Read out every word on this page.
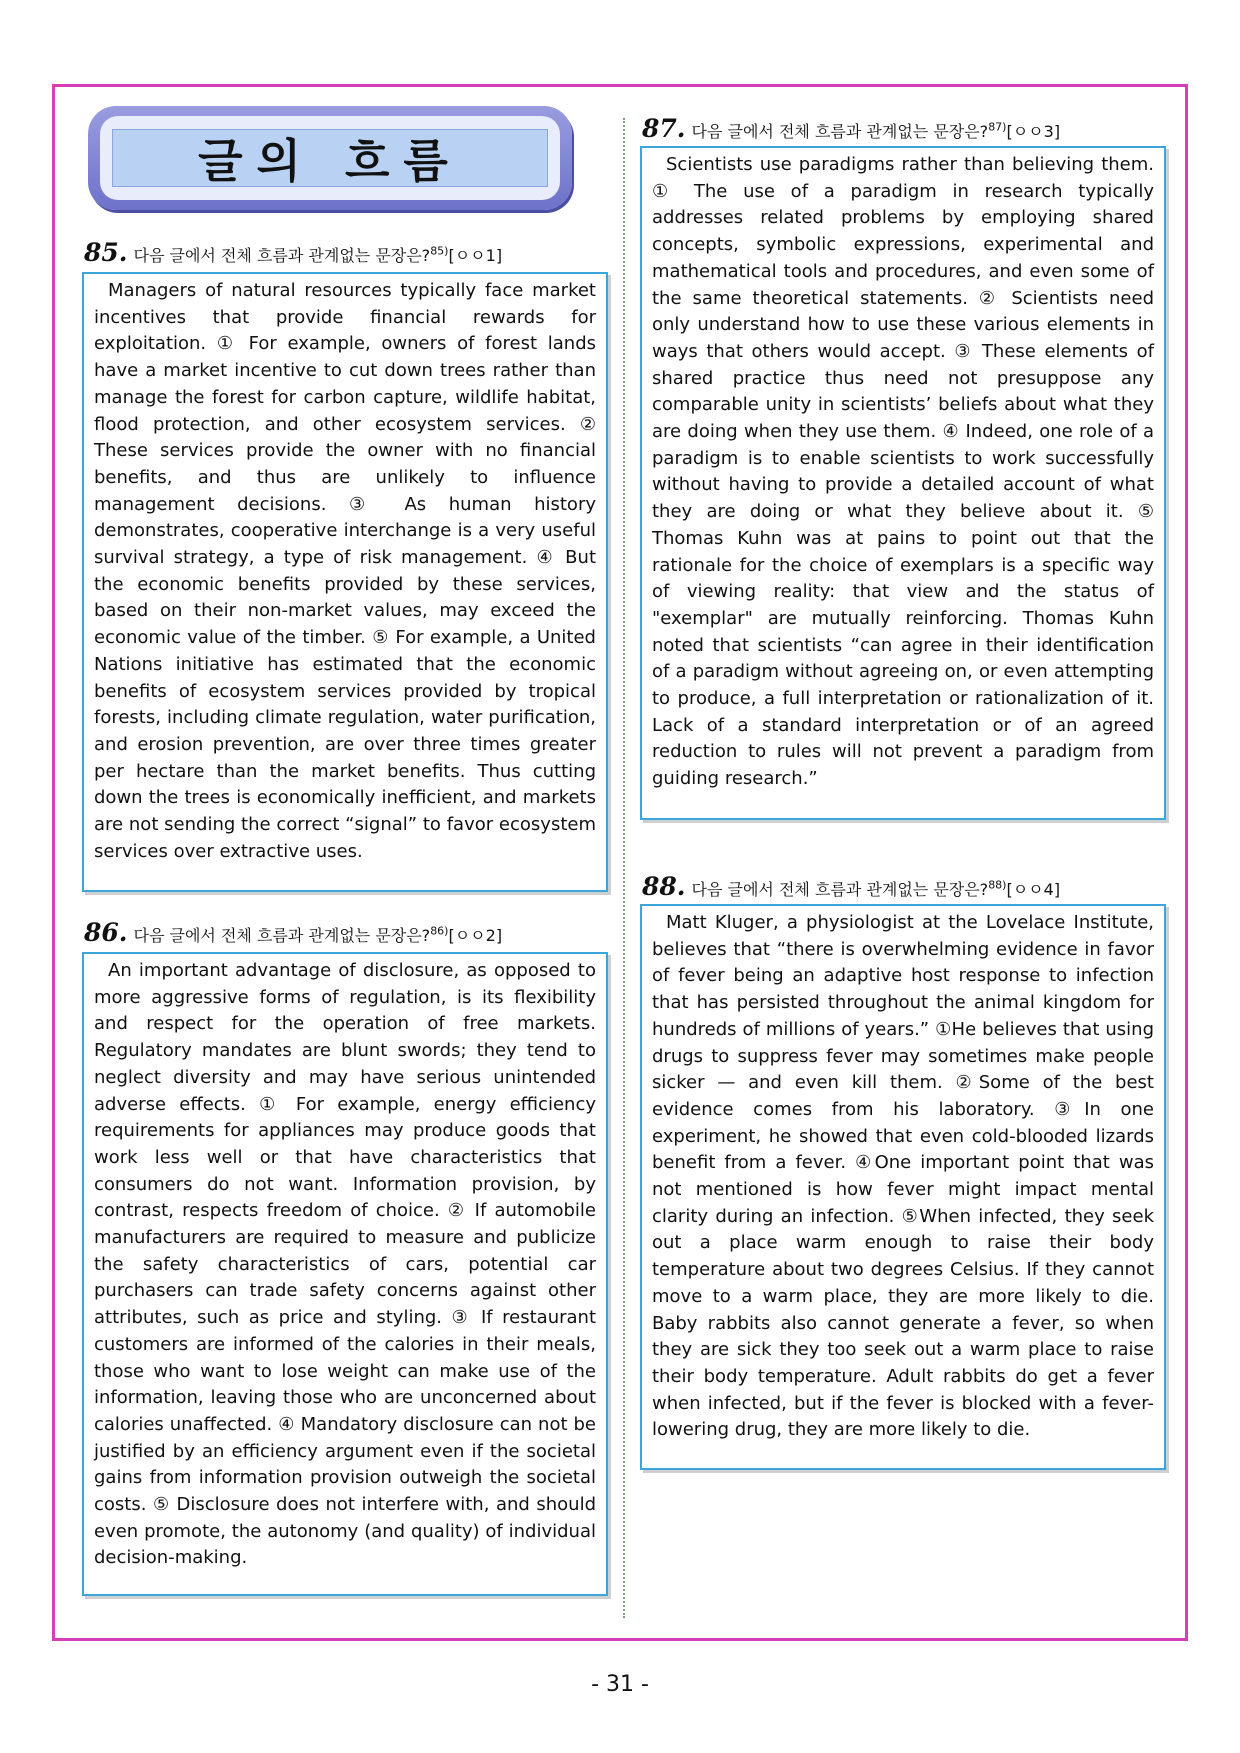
글의 흐름
85. 다음 글에서 전체 흐름과 관계없는 문장은?$^{85)}$[ㅇㅇ1]

Managers of natural resources typically face market incentives that provide financial rewards for exploitation. ① For example, owners of forest lands have a market incentive to cut down trees rather than manage the forest for carbon capture, wildlife habitat, flood protection, and other ecosystem services. ② These services provide the owner with no financial benefits, and thus are unlikely to influence management decisions. ③ As human history demonstrates, cooperative interchange is a very useful survival strategy, a type of risk management. ④ But the economic benefits provided by these services, based on their non-market values, may exceed the economic value of the timber. ⑤ For example, a United Nations initiative has estimated that the economic benefits of ecosystem services provided by tropical forests, including climate regulation, water purification, and erosion prevention, are over three times greater per hectare than the market benefits. Thus cutting down the trees is economically inefficient, and markets are not sending the correct “signal” to favor ecosystem services over extractive uses.

86. 다음 글에서 전체 흐름과 관계없는 문장은?$^{86)}$[ㅇㅇ2]

An important advantage of disclosure, as opposed to more aggressive forms of regulation, is its flexibility and respect for the operation of free markets. Regulatory mandates are blunt swords; they tend to neglect diversity and may have serious unintended adverse effects. ① For example, energy efficiency requirements for appliances may produce goods that work less well or that have characteristics that consumers do not want. Information provision, by contrast, respects freedom of choice. ② If automobile manufacturers are required to measure and publicize the safety characteristics of cars, potential car purchasers can trade safety concerns against other attributes, such as price and styling. ③ If restaurant customers are informed of the calories in their meals, those who want to lose weight can make use of the information, leaving those who are unconcerned about calories unaffected. ④ Mandatory disclosure can not be justified by an efficiency argument even if the societal gains from information provision outweigh the societal costs. ⑤ Disclosure does not interfere with, and should even promote, the autonomy (and quality) of individual decision-making.

87. 다음 글에서 전체 흐름과 관계없는 문장은?$^{87)}$[ㅇㅇ3]

Scientists use paradigms rather than believing them. ① The use of a paradigm in research typically addresses related problems by employing shared concepts, symbolic expressions, experimental and mathematical tools and procedures, and even some of the same theoretical statements. ② Scientists need only understand how to use these various elements in ways that others would accept. ③ These elements of shared practice thus need not presuppose any comparable unity in scientists’ beliefs about what they are doing when they use them. ④ Indeed, one role of a paradigm is to enable scientists to work successfully without having to provide a detailed account of what they are doing or what they believe about it. ⑤ Thomas Kuhn was at pains to point out that the rationale for the choice of exemplars is a specific way of viewing reality: that view and the status of "exemplar" are mutually reinforcing. Thomas Kuhn noted that scientists “can agree in their identification of a paradigm without agreeing on, or even attempting to produce, a full interpretation or rationalization of it. Lack of a standard interpretation or of an agreed reduction to rules will not prevent a paradigm from guiding research.”

88. 다음 글에서 전체 흐름과 관계없는 문장은?$^{88)}$[ㅇㅇ4]

Matt Kluger, a physiologist at the Lovelace Institute, believes that “there is overwhelming evidence in favor of fever being an adaptive host response to infection that has persisted throughout the animal kingdom for hundreds of millions of years.” ①He believes that using drugs to suppress fever may sometimes make people sicker — and even kill them. ②Some of the best evidence comes from his laboratory. ③In one experiment, he showed that even cold-blooded lizards benefit from a fever. ④One important point that was not mentioned is how fever might impact mental clarity during an infection. ⑤When infected, they seek out a place warm enough to raise their body temperature about two degrees Celsius. If they cannot move to a warm place, they are more likely to die. Baby rabbits also cannot generate a fever, so when they are sick they too seek out a warm place to raise their body temperature. Adult rabbits do get a fever when infected, but if the fever is blocked with a fever-lowering drug, they are more likely to die.

- 31 -
